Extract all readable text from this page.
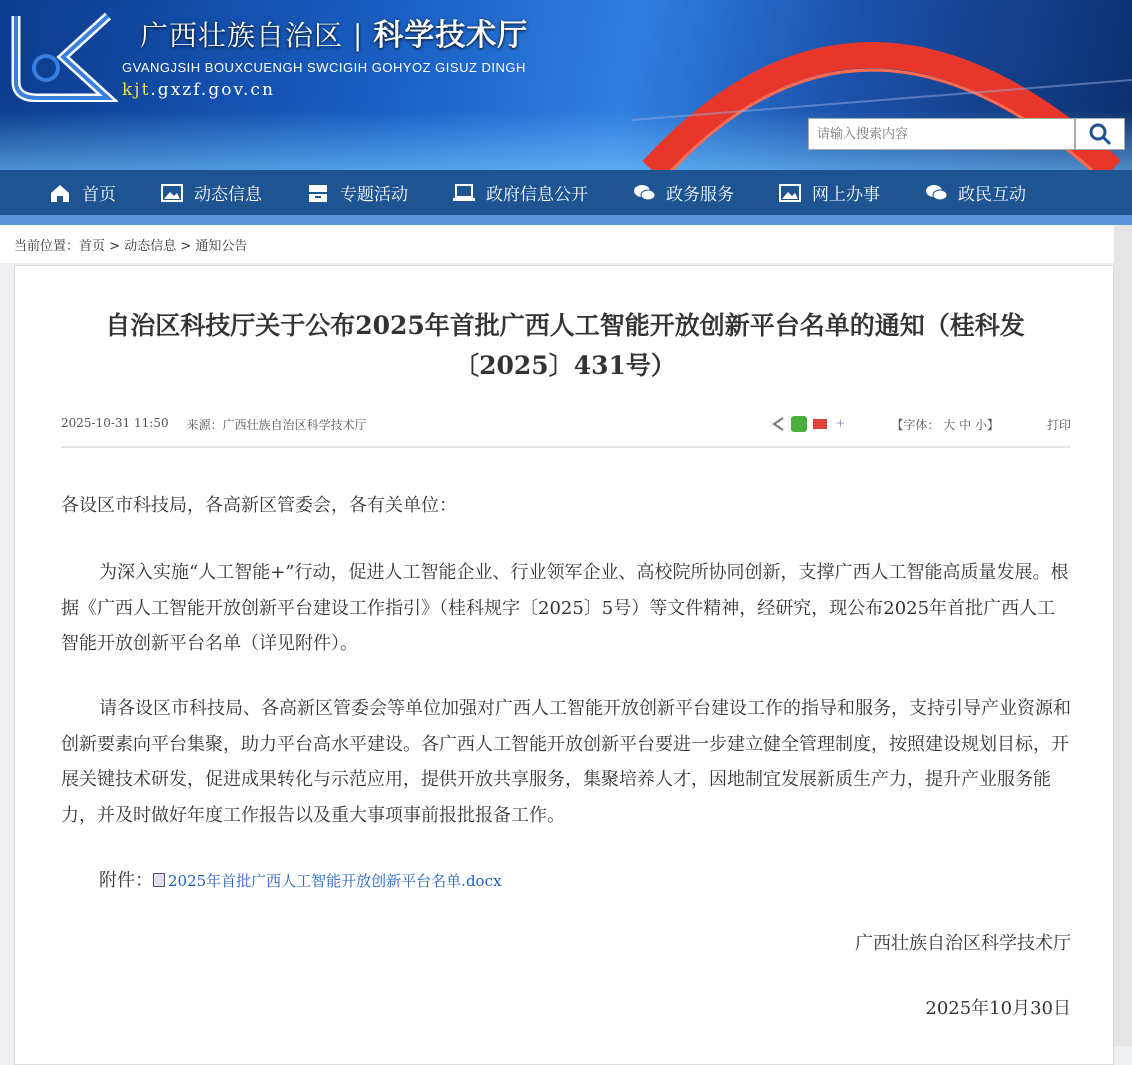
广西壮族自治区 | 科学技术厅
GVANGJSIH BOUXCUENGH SWCIGIH GOHYOZ GISUZ DINGH
kjt.gxzf.gov.cn
请输入搜索内容
首页	动态信息	专题活动	政府信息公开	政务服务	网上办事	政民互动
当前位置：首页 > 动态信息 > 通知公告
自治区科技厅关于公布2025年首批广西人工智能开放创新平台名单的通知（桂科发〔2025〕431号）
2025-10-31 11:50 来源：广西壮族自治区科学技术厅	+	【字体： 大 中 小】	打印

各设区市科技局，各高新区管委会，各有关单位：

为深入实施“人工智能+”行动，促进人工智能企业、行业领军企业、高校院所协同创新，支撑广西人工智能高质量发展。根据《广西人工智能开放创新平台建设工作指引》（桂科规字〔2025〕5号）等文件精神，经研究，现公布2025年首批广西人工智能开放创新平台名单（详见附件）。

请各设区市科技局、各高新区管委会等单位加强对广西人工智能开放创新平台建设工作的指导和服务，支持引导产业资源和创新要素向平台集聚，助力平台高水平建设。各广西人工智能开放创新平台要进一步建立健全管理制度，按照建设规划目标，开展关键技术研发，促进成果转化与示范应用，提供开放共享服务，集聚培养人才，因地制宜发展新质生产力，提升产业服务能力，并及时做好年度工作报告以及重大事项事前报批报备工作。

附件： 2025年首批广西人工智能开放创新平台名单.docx

广西壮族自治区科学技术厅

2025年10月30日
